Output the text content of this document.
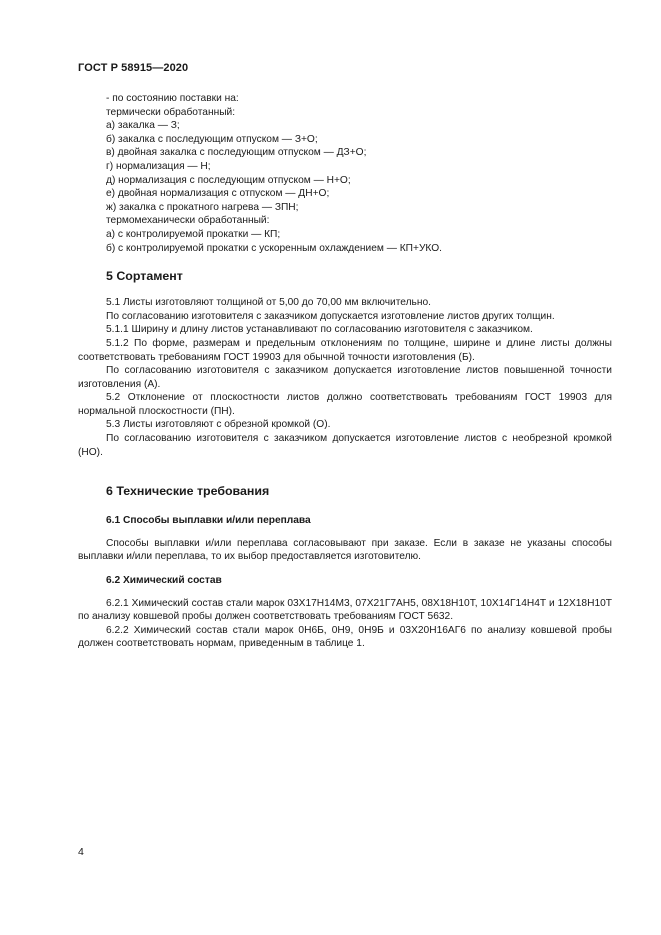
ГОСТ Р 58915—2020

- по состоянию поставки на:

термически обработанный:

а) закалка — З;

б) закалка с последующим отпуском — З+О;

в) двойная закалка с последующим отпуском — ДЗ+О;

г) нормализация — Н;

д) нормализация с последующим отпуском — Н+О;

е) двойная нормализация с отпуском — ДН+О;

ж) закалка с прокатного нагрева — ЗПН;

термомеханически обработанный:

а) с контролируемой прокатки — КП;

б) с контролируемой прокатки с ускоренным охлаждением — КП+УКО.

5 Сортамент

5.1 Листы изготовляют толщиной от 5,00 до 70,00 мм включительно.

По согласованию изготовителя с заказчиком допускается изготовление листов других толщин.

5.1.1 Ширину и длину листов устанавливают по согласованию изготовителя с заказчиком.

5.1.2 По форме, размерам и предельным отклонениям по толщине, ширине и длине листы должны соответствовать требованиям ГОСТ 19903 для обычной точности изготовления (Б).

По согласованию изготовителя с заказчиком допускается изготовление листов повышенной точности изготовления (А).

5.2 Отклонение от плоскостности листов должно соответствовать требованиям ГОСТ 19903 для нормальной плоскостности (ПН).

5.3 Листы изготовляют с обрезной кромкой (О).

По согласованию изготовителя с заказчиком допускается изготовление листов с необрезной кромкой (НО).

6 Технические требования
6.1 Способы выплавки и/или переплава

Способы выплавки и/или переплава согласовывают при заказе. Если в заказе не указаны способы выплавки и/или переплава, то их выбор предоставляется изготовителю.

6.2 Химический состав

6.2.1 Химический состав стали марок 03Х17Н14М3, 07Х21Г7АН5, 08Х18Н10Т, 10Х14Г14Н4Т и 12Х18Н10Т по анализу ковшевой пробы должен соответствовать требованиям ГОСТ 5632.

6.2.2 Химический состав стали марок 0Н6Б, 0Н9, 0Н9Б и 03Х20Н16АГ6 по анализу ковшевой пробы должен соответствовать нормам, приведенным в таблице 1.

4
